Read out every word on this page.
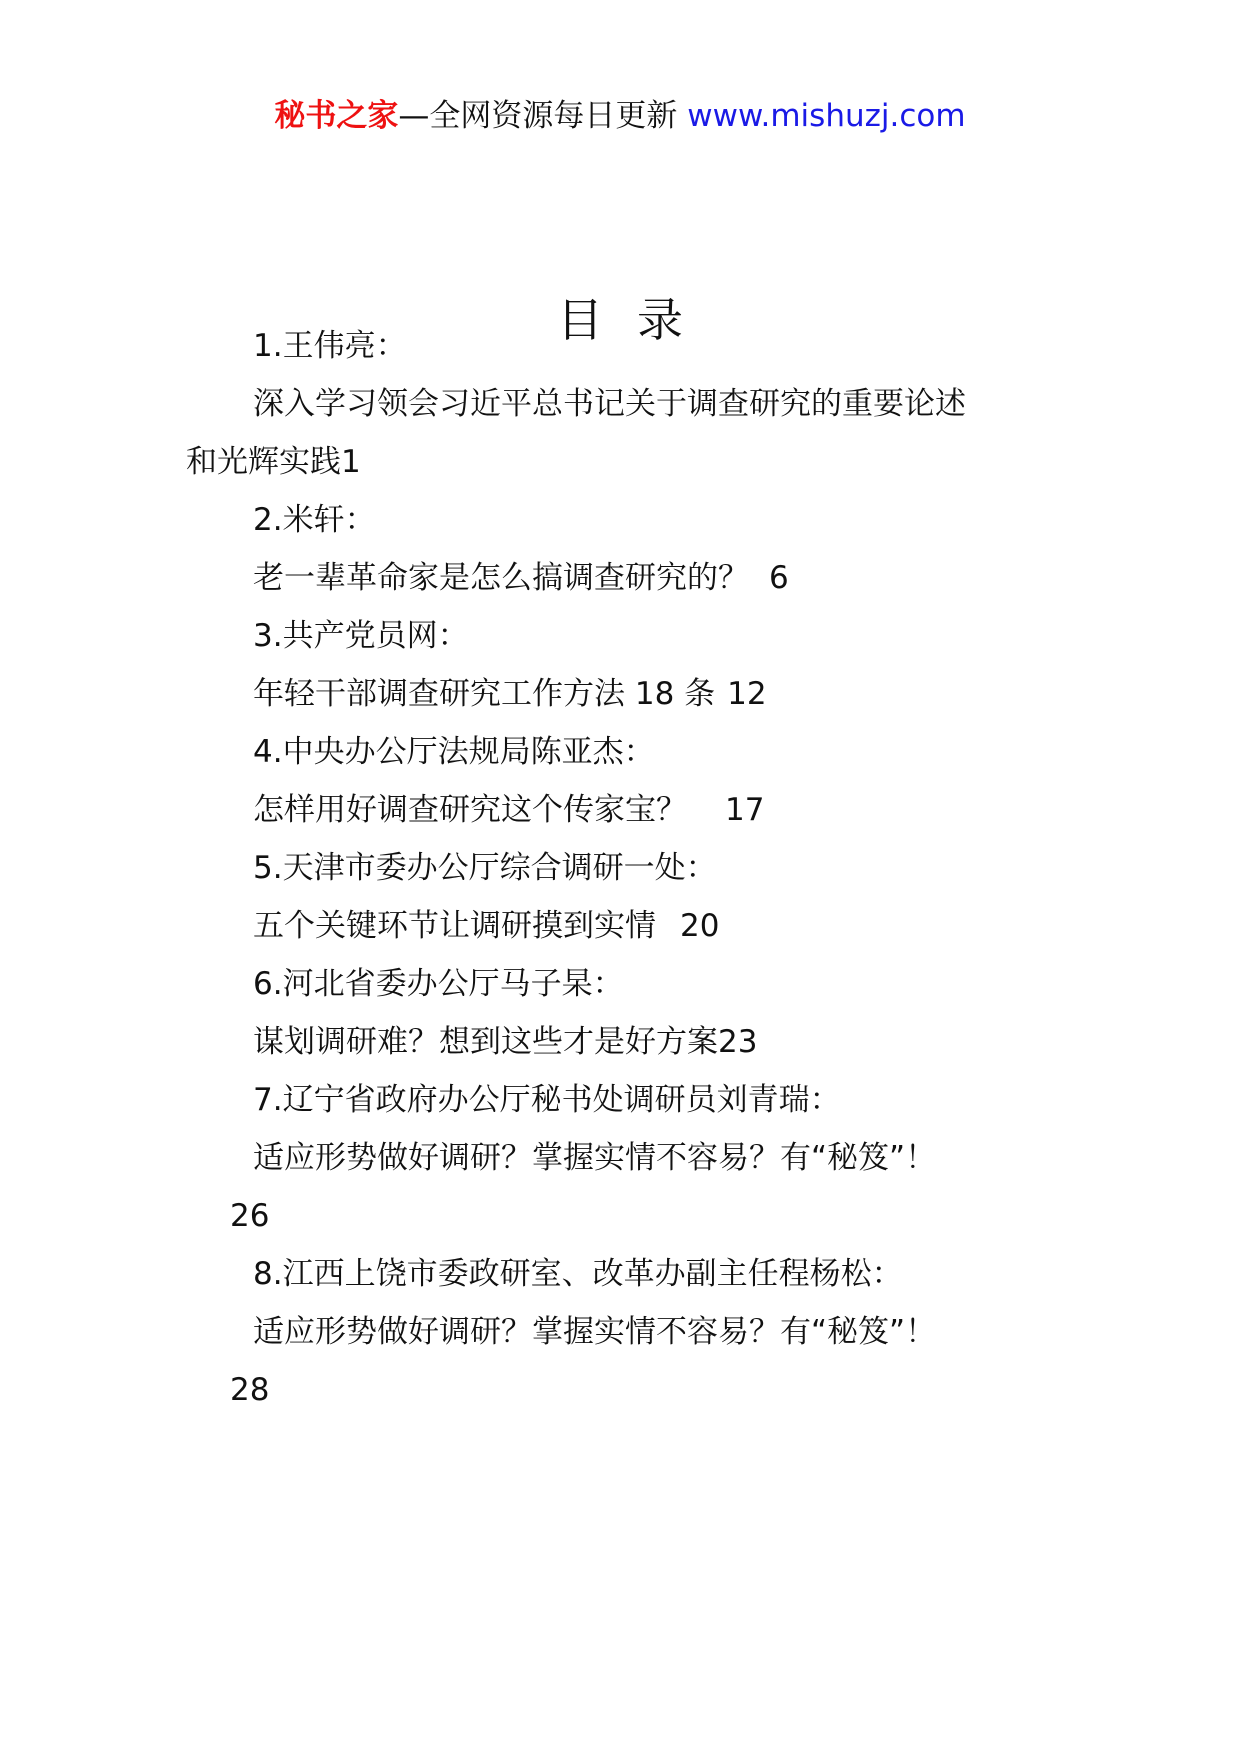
秘书之家—全网资源每日更新 www.mishuzj.com
目录
1.王伟亮：
深入学习领会习近平总书记关于调查研究的重要论述
和光辉实践1
2.米轩：
老一辈革命家是怎么搞调查研究的？ 6
3.共产党员网：
年轻干部调查研究工作方法 18 条 12
4.中央办公厅法规局陈亚杰：
怎样用好调查研究这个传家宝？ 17
5.天津市委办公厅综合调研一处：
五个关键环节让调研摸到实情 20
6.河北省委办公厅马子杲：
谋划调研难？想到这些才是好方案23
7.辽宁省政府办公厅秘书处调研员刘青瑞：
适应形势做好调研？掌握实情不容易？有“秘笈”！
26
8.江西上饶市委政研室、改革办副主任程杨松：
适应形势做好调研？掌握实情不容易？有“秘笈”！
28
